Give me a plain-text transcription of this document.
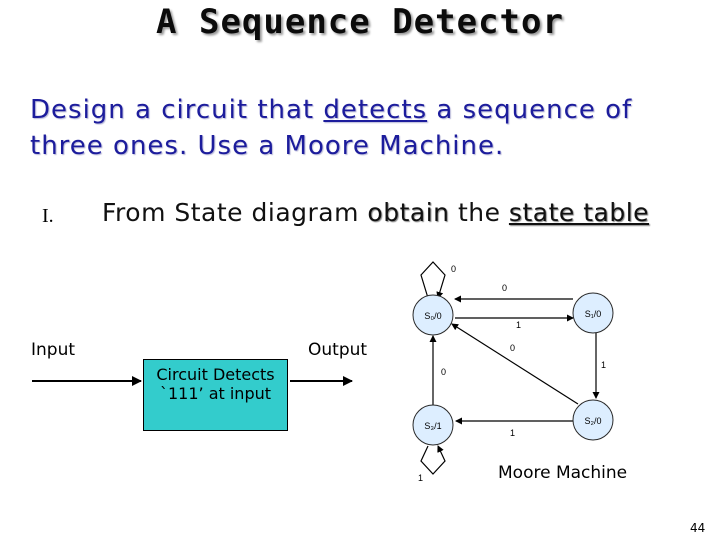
A Sequence Detector
Design a circuit that detects a sequence of
three ones. Use a Moore Machine.
I. From State diagram obtain the state table
Input	Output
Circuit Detects
`111’ at input
S₀/0	S₁/0
S₂/0
S₃/1
0
0
1
0
1
0
1
1	Moore Machine
44
